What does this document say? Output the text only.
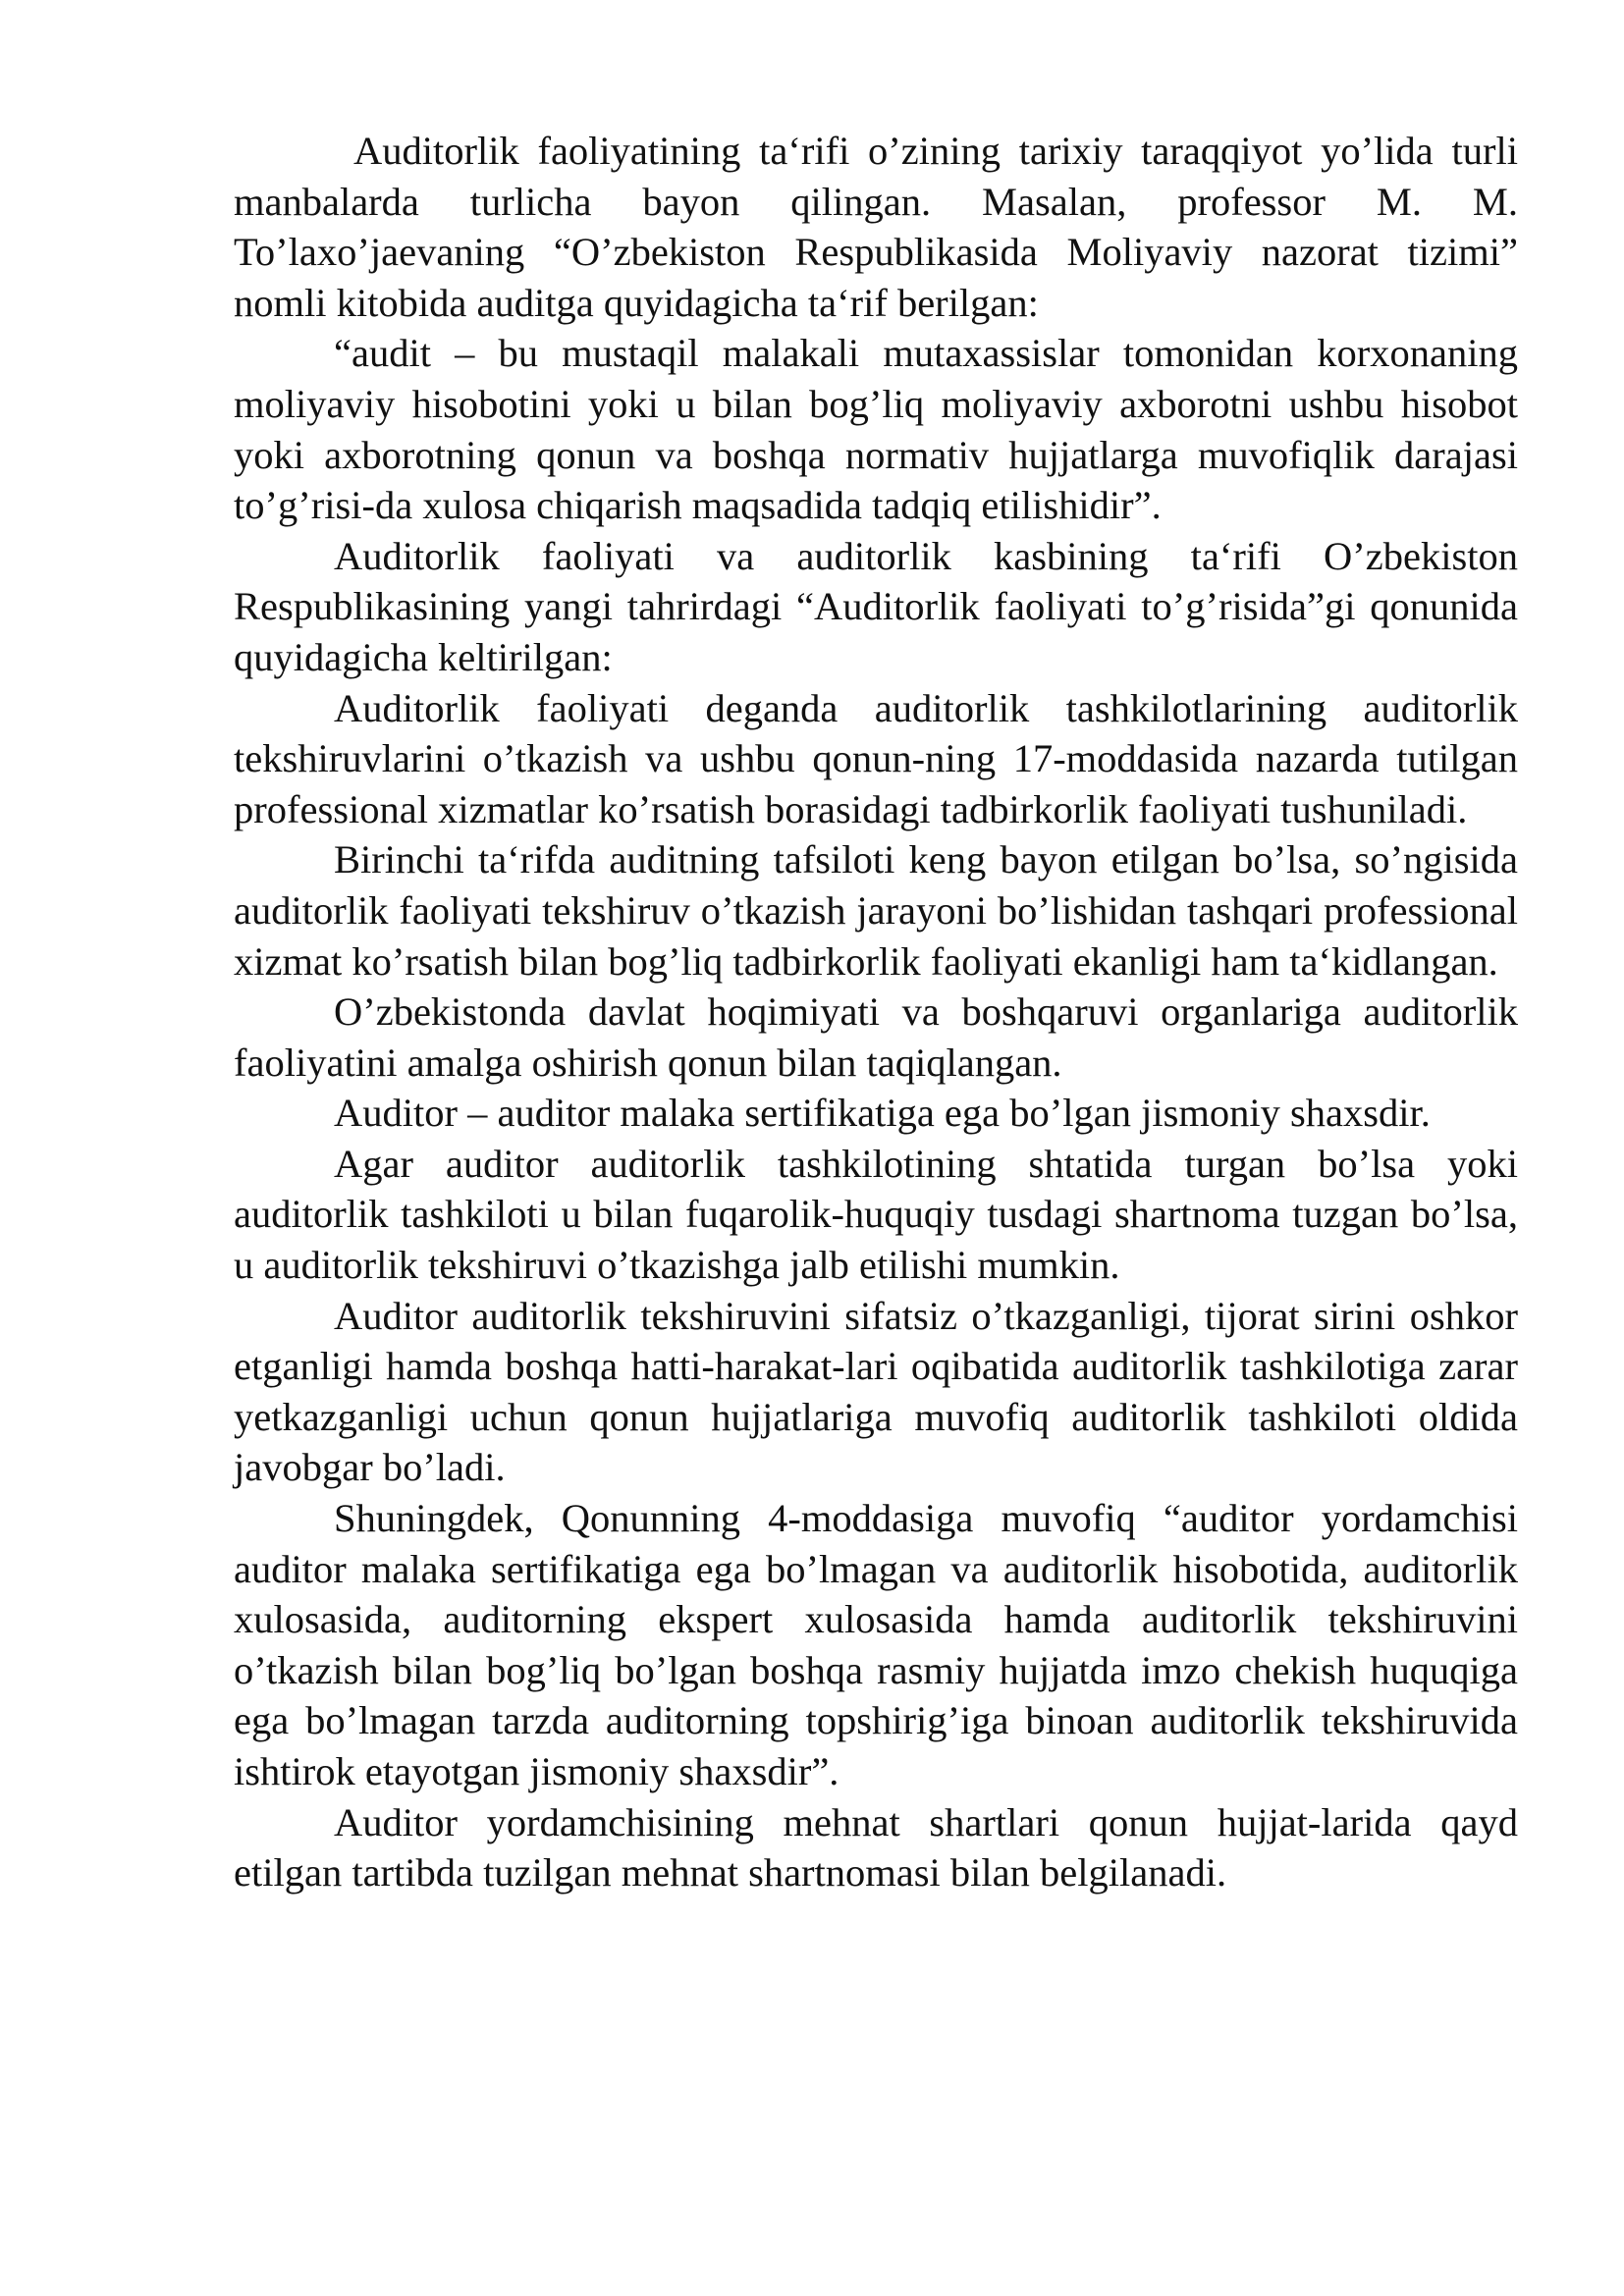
Auditorlik faoliyatining ta‘rifi o’zining tarixiy taraqqiyot yo’lida turli manbalarda turlicha bayon qilingan. Masalan, professor M. M. To’laxo’jaevaning “O’zbekiston Respublikasida Moliyaviy nazorat tizimi” nomli kitobida auditga quyidagicha ta‘rif berilgan:

“audit – bu mustaqil malakali mutaxassislar tomonidan korxonaning moliyaviy hisobotini yoki u bilan bog’liq moliyaviy axborotni ushbu hisobot yoki axborotning qonun va boshqa normativ hujjatlarga muvofiqlik darajasi to’g’risi-da xulosa chiqarish maqsadida tadqiq etilishidir”.

Auditorlik faoliyati va auditorlik kasbining ta‘rifi O’zbekiston Respublikasining yangi tahrirdagi “Auditorlik faoliyati to’g’risida”gi qonunida quyidagicha keltirilgan:

Auditorlik faoliyati deganda auditorlik tashkilotlarining auditorlik tekshiruvlarini o’tkazish va ushbu qonun-ning 17-moddasida nazarda tutilgan professional xizmatlar ko’rsatish borasidagi tadbirkorlik faoliyati tushuniladi.

Birinchi ta‘rifda auditning tafsiloti keng bayon etilgan bo’lsa, so’ngisida auditorlik faoliyati tekshiruv o’tkazish jarayoni bo’lishidan tashqari professional xizmat ko’rsatish bilan bog’liq tadbirkorlik faoliyati ekanligi ham ta‘kidlangan.

O’zbekistonda davlat hoqimiyati va boshqaruvi organlariga auditorlik faoliyatini amalga oshirish qonun bilan taqiqlangan.

Auditor – auditor malaka sertifikatiga ega bo’lgan jismoniy shaxsdir.

Agar auditor auditorlik tashkilotining shtatida turgan bo’lsa yoki auditorlik tashkiloti u bilan fuqarolik-huquqiy tusdagi shartnoma tuzgan bo’lsa, u auditorlik tekshiruvi o’tkazishga jalb etilishi mumkin.

Auditor auditorlik tekshiruvini sifatsiz o’tkazganligi, tijorat sirini oshkor etganligi hamda boshqa hatti-harakat-lari oqibatida auditorlik tashkilotiga zarar yetkazganligi uchun qonun hujjatlariga muvofiq auditorlik tashkiloti oldida javobgar bo’ladi.

Shuningdek, Qonunning 4-moddasiga muvofiq “auditor yordamchisi auditor malaka sertifikatiga ega bo’lmagan va auditorlik hisobotida, auditorlik xulosasida, auditorning ekspert xulosasida hamda auditorlik tekshiruvini o’tkazish bilan bog’liq bo’lgan boshqa rasmiy hujjatda imzo chekish huquqiga ega bo’lmagan tarzda auditorning topshirig’iga binoan auditorlik tekshiruvida ishtirok etayotgan jismoniy shaxsdir”.

Auditor yordamchisining mehnat shartlari qonun hujjat-larida qayd etilgan tartibda tuzilgan mehnat shartnomasi bilan belgilanadi.
